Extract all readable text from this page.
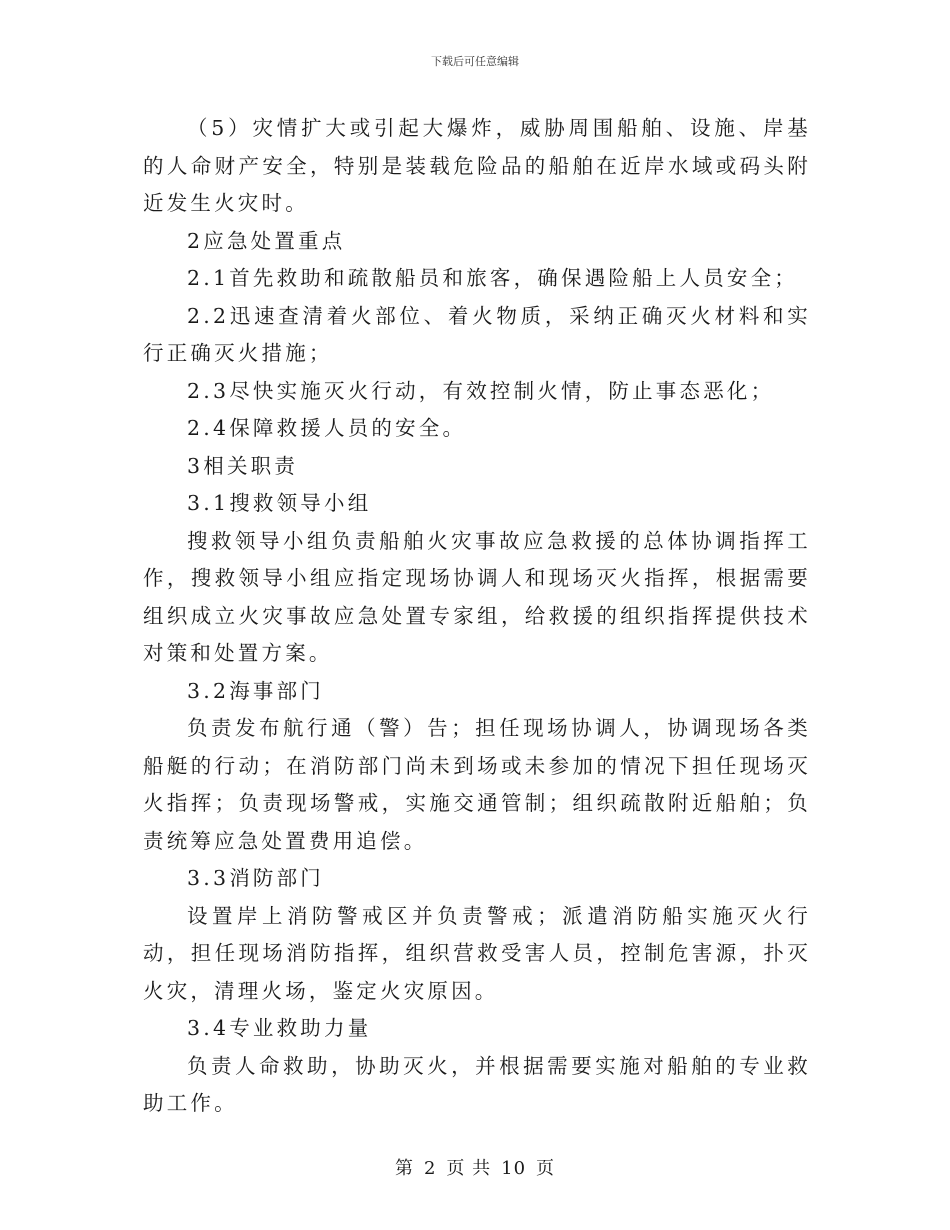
下载后可任意编辑

（5）灾情扩大或引起大爆炸，威胁周围船舶、设施、岸基的人命财产安全，特别是装载危险品的船舶在近岸水域或码头附近发生火灾时。

2应急处置重点

2.1首先救助和疏散船员和旅客，确保遇险船上人员安全；

2.2迅速查清着火部位、着火物质，采纳正确灭火材料和实行正确灭火措施；

2.3尽快实施灭火行动，有效控制火情，防止事态恶化；

2.4保障救援人员的安全。

3相关职责

3.1搜救领导小组

搜救领导小组负责船舶火灾事故应急救援的总体协调指挥工作，搜救领导小组应指定现场协调人和现场灭火指挥，根据需要组织成立火灾事故应急处置专家组，给救援的组织指挥提供技术对策和处置方案。

3.2海事部门

负责发布航行通（警）告；担任现场协调人，协调现场各类船艇的行动；在消防部门尚未到场或未参加的情况下担任现场灭火指挥；负责现场警戒，实施交通管制；组织疏散附近船舶；负责统筹应急处置费用追偿。

3.3消防部门

设置岸上消防警戒区并负责警戒；派遣消防船实施灭火行动，担任现场消防指挥，组织营救受害人员，控制危害源，扑灭火灾，清理火场，鉴定火灾原因。

3.4专业救助力量

负责人命救助，协助灭火，并根据需要实施对船舶的专业救助工作。

第 2 页 共 10 页
